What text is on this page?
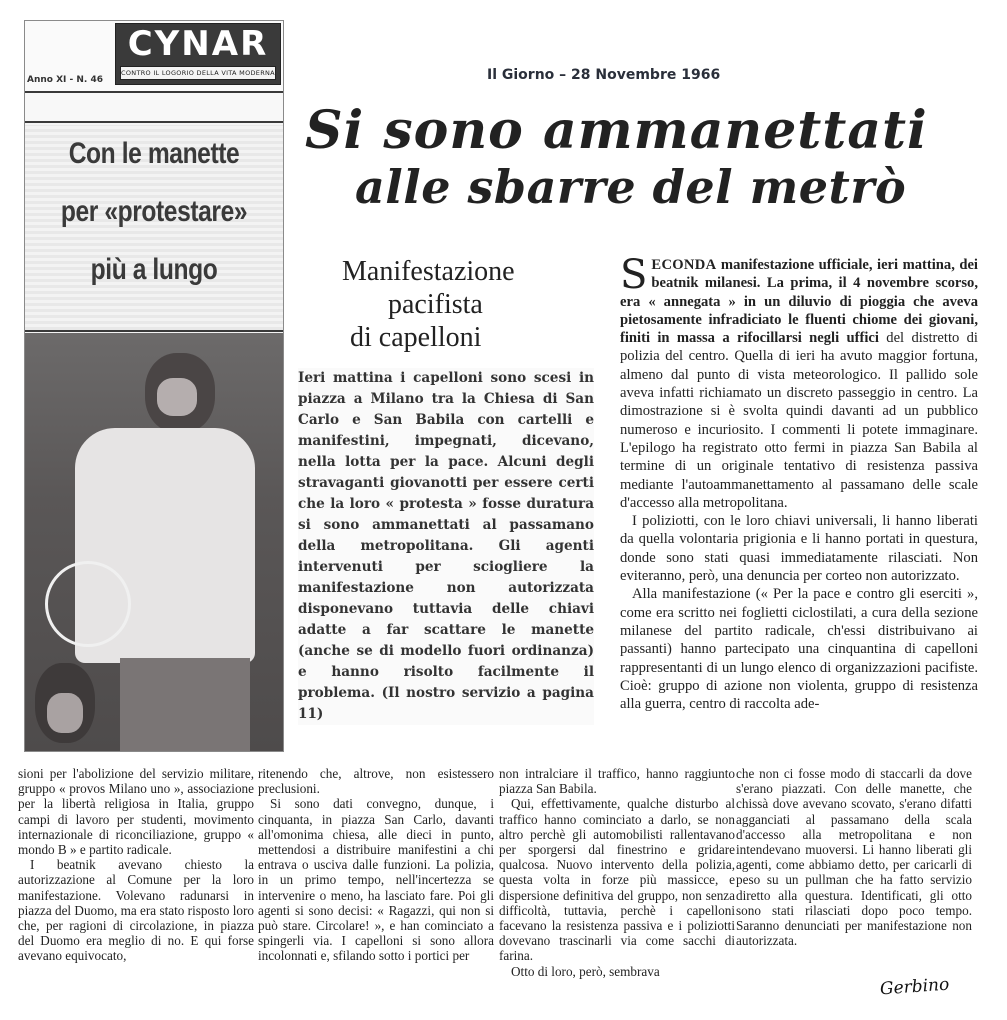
Anno XI - N. 46
CYNAR
CONTRO IL LOGORIO DELLA VITA MODERNA
Con le manette
per «protestare»
più a lungo
Il Giorno – 28 Novembre 1966
Si sono ammanettati
alle sbarre del metrò
Manifestazione
pacifista
di capelloni
Ieri mattina i capelloni sono scesi in piazza a Milano tra la Chiesa di San Carlo e San Babila con cartelli e manifestini, impegnati, dicevano, nella lotta per la pace. Alcuni degli stravaganti giovanotti per essere certi che la loro « protesta » fosse duratura si sono ammanettati al passamano della metropolitana. Gli agenti intervenuti per sciogliere la manifestazione non autorizzata disponevano tuttavia delle chiavi adatte a far scattare le manette (anche se di modello fuori ordinanza) e hanno risolto facilmente il problema. (Il nostro servizio a pagina 11)

SECONDA manifestazione ufficiale, ieri mattina, dei beatnik milanesi. La prima, il 4 novembre scorso, era « annegata » in un diluvio di pioggia che aveva pietosamente infradiciato le fluenti chiome dei giovani, finiti in massa a rifocillarsi negli uffici del distretto di polizia del centro. Quella di ieri ha avuto maggior fortuna, almeno dal punto di vista meteorologico. Il pallido sole aveva infatti richiamato un discreto passeggio in centro. La dimostrazione si è svolta quindi davanti ad un pubblico numeroso e incuriosito. I commenti li potete immaginare. L'epilogo ha registrato otto fermi in piazza San Babila al termine di un originale tentativo di resistenza passiva mediante l'autoammanettamento al passamano delle scale d'accesso alla metropolitana.

I poliziotti, con le loro chiavi universali, li hanno liberati da quella volontaria prigionia e li hanno portati in questura, donde sono stati quasi immediatamente rilasciati. Non eviteranno, però, una denuncia per corteo non autorizzato.

Alla manifestazione (« Per la pace e contro gli eserciti », come era scritto nei foglietti ciclostilati, a cura della sezione milanese del partito radicale, ch'essi distribuivano ai passanti) hanno partecipato una cinquantina di capelloni rappresentanti di un lungo elenco di organizzazioni pacifiste. Cioè: gruppo di azione non violenta, gruppo di resistenza alla guerra, centro di raccolta ade-

sioni per l'abolizione del servizio militare, gruppo « provos Milano uno », associazione per la libertà religiosa in Italia, gruppo campi di lavoro per studenti, movimento internazionale di riconciliazione, gruppo « mondo B » e partito radicale.

I beatnik avevano chiesto la autorizzazione al Comune per la loro manifestazione. Volevano radunarsi in piazza del Duomo, ma era stato risposto loro che, per ragioni di circolazione, in piazza del Duomo era meglio di no. E qui forse avevano equivocato,

ritenendo che, altrove, non esistessero preclusioni.

Si sono dati convegno, dunque, i cinquanta, in piazza San Carlo, davanti all'omonima chiesa, alle dieci in punto, mettendosi a distribuire manifestini a chi entrava o usciva dalle funzioni. La polizia, in un primo tempo, nell'incertezza se intervenire o meno, ha lasciato fare. Poi gli agenti si sono decisi: « Ragazzi, qui non si può stare. Circolare! », e han cominciato a spingerli via. I capelloni si sono allora incolonnati e, sfilando sotto i portici per

non intralciare il traffico, hanno raggiunto piazza San Babila.

Qui, effettivamente, qualche disturbo al traffico hanno cominciato a darlo, se non altro perchè gli automobilisti rallentavano per sporgersi dal finestrino e gridare qualcosa. Nuovo intervento della polizia, questa volta in forze più massicce, e dispersione definitiva del gruppo, non senza difficoltà, tuttavia, perchè i capelloni facevano la resistenza passiva e i poliziotti dovevano trascinarli via come sacchi di farina.

Otto di loro, però, sembrava

che non ci fosse modo di staccarli da dove s'erano piazzati. Con delle manette, che chissà dove avevano scovato, s'erano difatti agganciati al passamano della scala d'accesso alla metropolitana e non intendevano muoversi. Li hanno liberati gli agenti, come abbiamo detto, per caricarli di peso su un pullman che ha fatto servizio diretto alla questura. Identificati, gli otto sono stati rilasciati dopo poco tempo. Saranno denunciati per manifestazione non autorizzata.

Gerbino
